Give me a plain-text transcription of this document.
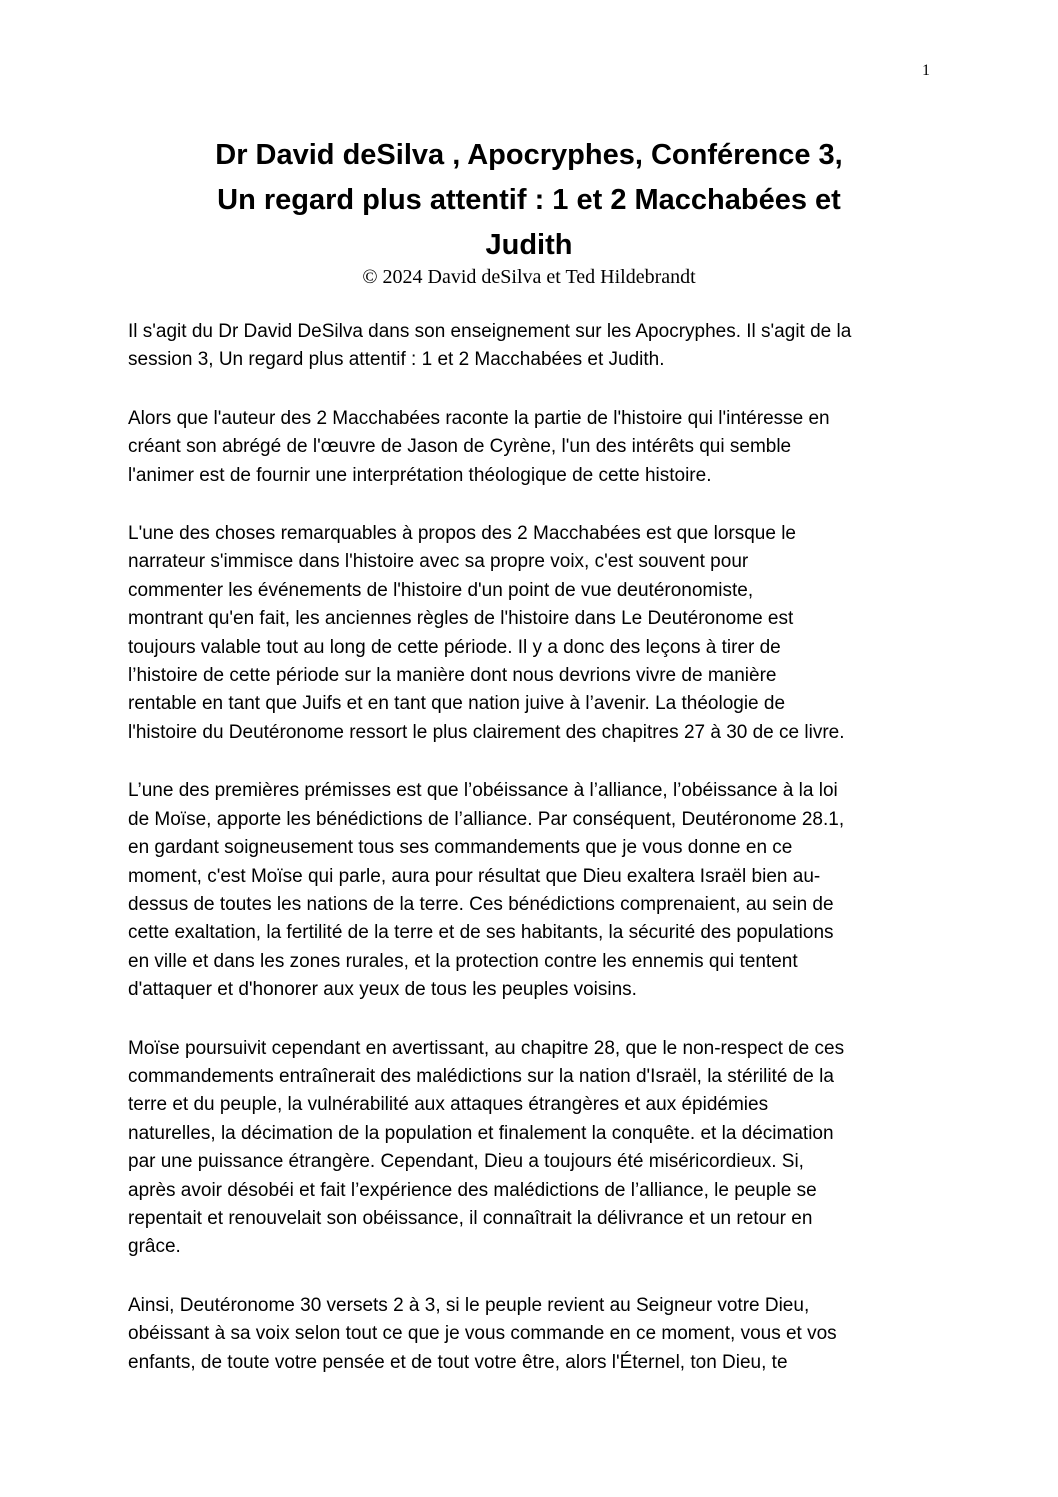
1
Dr David deSilva , Apocryphes, Conférence 3,
Un regard plus attentif : 1 et 2 Macchabées et
Judith
© 2024 David deSilva et Ted Hildebrandt
Il s'agit du Dr David DeSilva dans son enseignement sur les Apocryphes. Il s'agit de la
session 3, Un regard plus attentif : 1 et 2 Macchabées et Judith.
Alors que l'auteur des 2 Macchabées raconte la partie de l'histoire qui l'intéresse en
créant son abrégé de l'œuvre de Jason de Cyrène, l'un des intérêts qui semble
l'animer est de fournir une interprétation théologique de cette histoire.
L'une des choses remarquables à propos des 2 Macchabées est que lorsque le
narrateur s'immisce dans l'histoire avec sa propre voix, c'est souvent pour
commenter les événements de l'histoire d'un point de vue deutéronomiste,
montrant qu'en fait, les anciennes règles de l'histoire dans Le Deutéronome est
toujours valable tout au long de cette période. Il y a donc des leçons à tirer de
l’histoire de cette période sur la manière dont nous devrions vivre de manière
rentable en tant que Juifs et en tant que nation juive à l’avenir. La théologie de
l'histoire du Deutéronome ressort le plus clairement des chapitres 27 à 30 de ce livre.
L’une des premières prémisses est que l’obéissance à l’alliance, l’obéissance à la loi
de Moïse, apporte les bénédictions de l’alliance. Par conséquent, Deutéronome 28.1,
en gardant soigneusement tous ses commandements que je vous donne en ce
moment, c'est Moïse qui parle, aura pour résultat que Dieu exaltera Israël bien au-
dessus de toutes les nations de la terre. Ces bénédictions comprenaient, au sein de
cette exaltation, la fertilité de la terre et de ses habitants, la sécurité des populations
en ville et dans les zones rurales, et la protection contre les ennemis qui tentent
d'attaquer et d'honorer aux yeux de tous les peuples voisins.
Moïse poursuivit cependant en avertissant, au chapitre 28, que le non-respect de ces
commandements entraînerait des malédictions sur la nation d'Israël, la stérilité de la
terre et du peuple, la vulnérabilité aux attaques étrangères et aux épidémies
naturelles, la décimation de la population et finalement la conquête. et la décimation
par une puissance étrangère. Cependant, Dieu a toujours été miséricordieux. Si,
après avoir désobéi et fait l’expérience des malédictions de l’alliance, le peuple se
repentait et renouvelait son obéissance, il connaîtrait la délivrance et un retour en
grâce.
Ainsi, Deutéronome 30 versets 2 à 3, si le peuple revient au Seigneur votre Dieu,
obéissant à sa voix selon tout ce que je vous commande en ce moment, vous et vos
enfants, de toute votre pensée et de tout votre être, alors l'Éternel, ton Dieu, te
